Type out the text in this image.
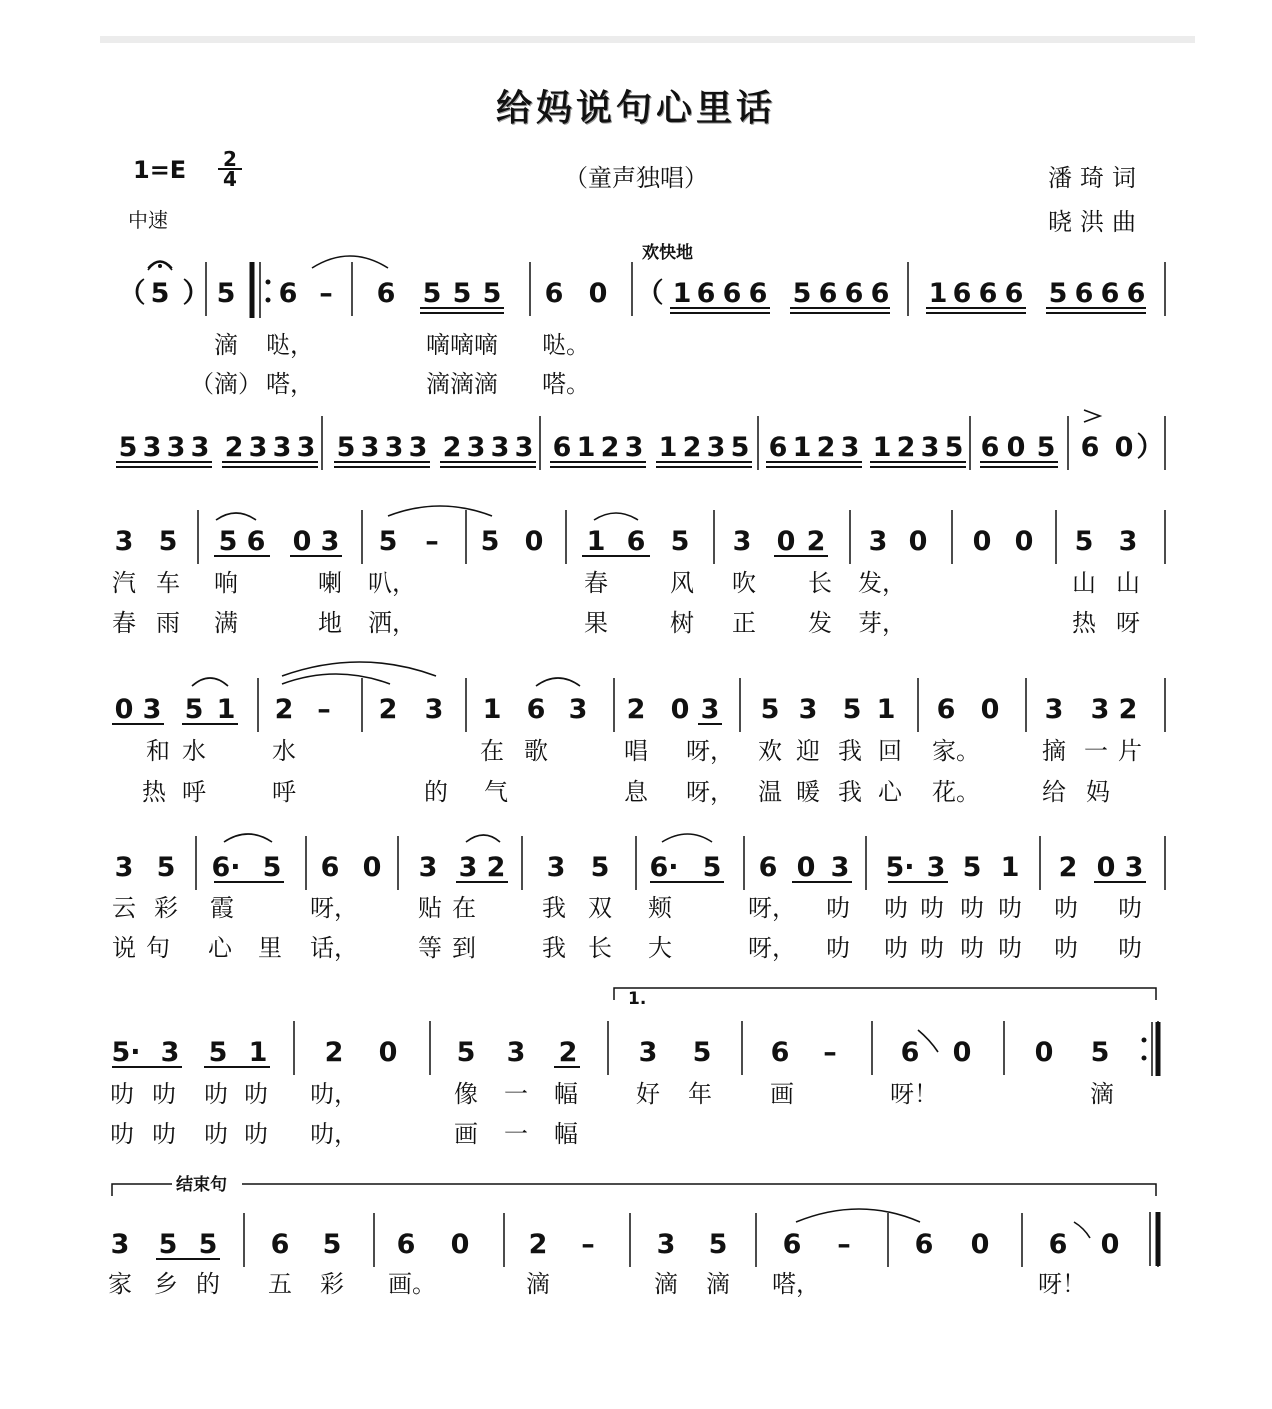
给妈说句心里话
1=E 2
4	（童声独唱）	潘琦词
晓洪曲
中速
欢快地
1.
结束句
（ 5 ） 5 6 – 6 5 5 5 6 0 （ 1 6 6 6 5 6 6 6 1 6 6 6 5 6 6 6
滴 哒，	嘀嘀嘀 哒。
（滴） 嗒，	滴滴滴 嗒。
5 3 3 3 2 3 3 3 5 3 3 3 2 3 3 3 6 1 2 3 1 2 3 5 6 1 2 3 1 2 3 5 6 0 5 6 0 ）
3 5 5 6 0 3 5 – 5 0 1 6 5 3 0 2 3 0 0 0 5 3
汽 车 响	喇 叭，	春	风 吹 长 发，	山 山
春 雨 满	地 洒，	果	树 正 发 芽，	热 呀
0 3 5 1 2 – 2 3 1 6 3 2 0 3 5 3 5 1 6 0 3 3 2
和 水	水	在 歌	唱 呀， 欢 迎 我 回 家。	摘 一 片
热 呼	呼	的 气	息 呀， 温 暖 我 心 花。	给 妈
3 5 6· 5 6 0 3 3 2 3 5 6· 5 6 0 3 5· 3 5 1 2 0 3
云 彩 霞	呀，	贴 在	我 双 颊	呀， 叻 叻 叻 叻 叻 叻 叻
说 句 心 里 话，	等 到	我 长 大	呀， 叻 叻 叻 叻 叻 叻 叻
5· 3 5 1 2 0 5 3 2 3 5 6 – 6 0 0 5
叻 叻 叻 叻 叻，	像 一 幅 好 年 画	呀！	滴
叻 叻 叻 叻 叻，	画 一 幅
3 5 5 6 5 6 0 2 – 3 5 6 – 6 0 6 0
家 乡 的 五 彩 画。	滴	滴 滴 嗒，	呀！
